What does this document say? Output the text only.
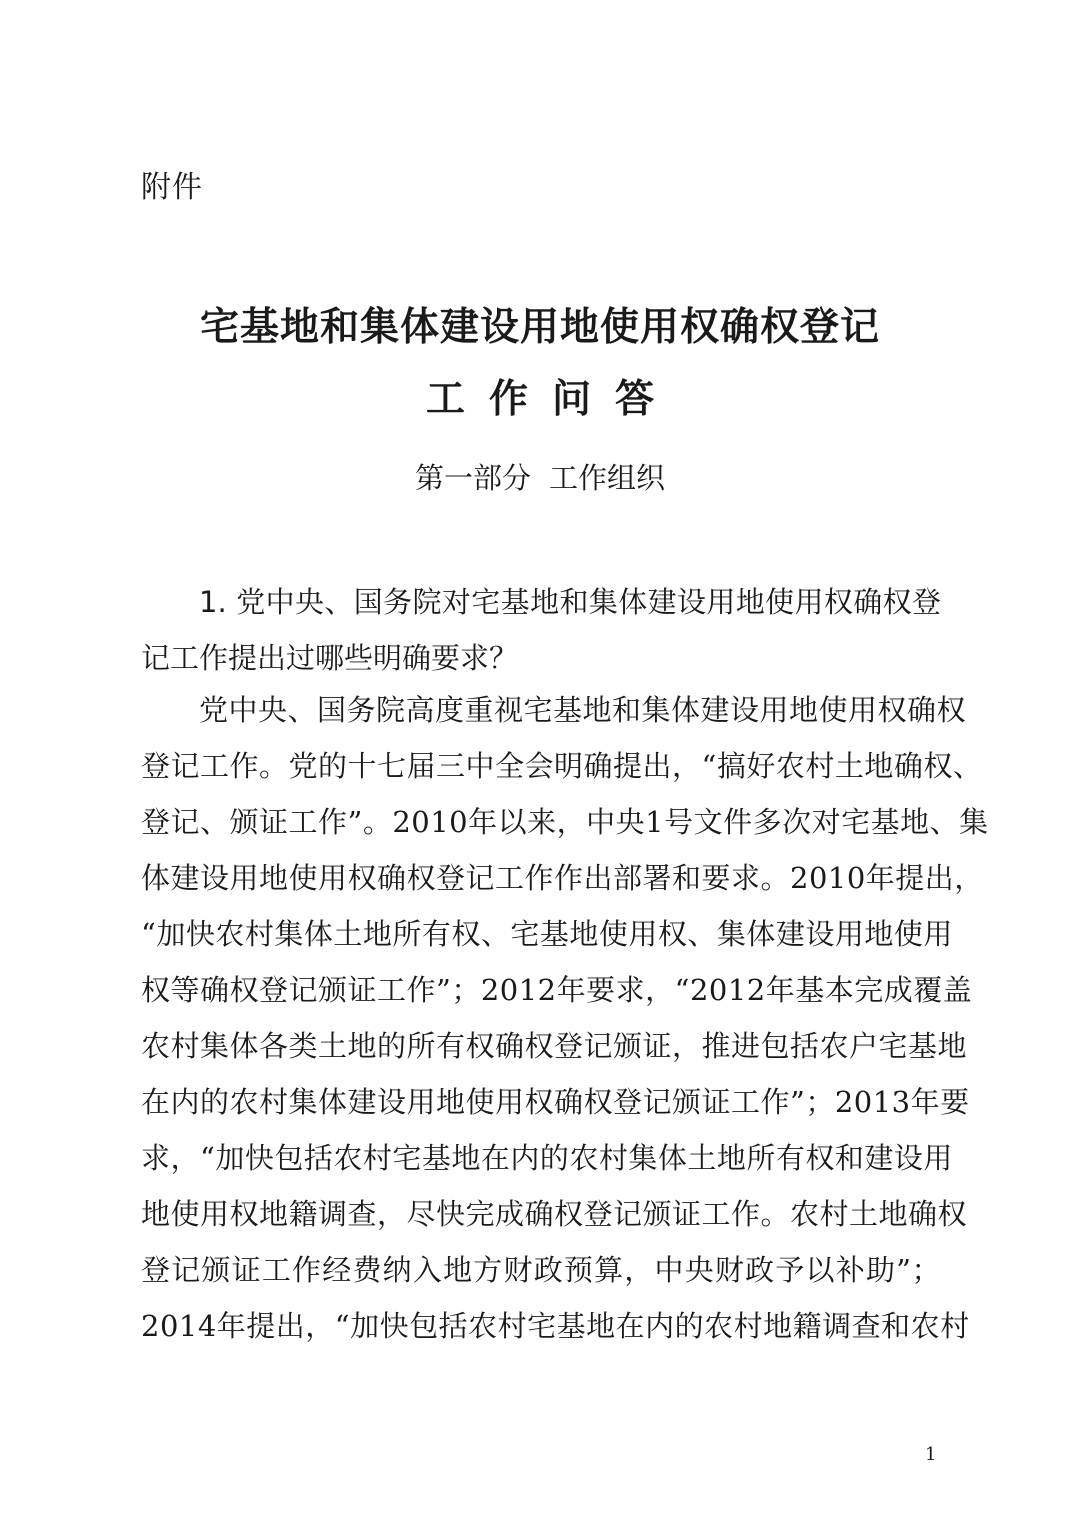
附件
宅基地和集体建设用地使用权确权登记
工作问答
第一部分 工作组织
1. 党中央、国务院对宅基地和集体建设用地使用权确权登记工作提出过哪些明确要求？
党中央、国务院高度重视宅基地和集体建设用地使用权确权
登记工作。党的十七届三中全会明确提出，“搞好农村土地确权、
登记、颁证工作”。2010年以来，中央1号文件多次对宅基地、集
体建设用地使用权确权登记工作作出部署和要求。2010年提出，
“加快农村集体土地所有权、宅基地使用权、集体建设用地使用
权等确权登记颁证工作”；2012年要求，“2012年基本完成覆盖
农村集体各类土地的所有权确权登记颁证，推进包括农户宅基地
在内的农村集体建设用地使用权确权登记颁证工作”；2013年要
求，“加快包括农村宅基地在内的农村集体土地所有权和建设用
地使用权地籍调查，尽快完成确权登记颁证工作。农村土地确权
登记颁证工作经费纳入地方财政预算，中央财政予以补助”；
2014年提出，“加快包括农村宅基地在内的农村地籍调查和农村
1
